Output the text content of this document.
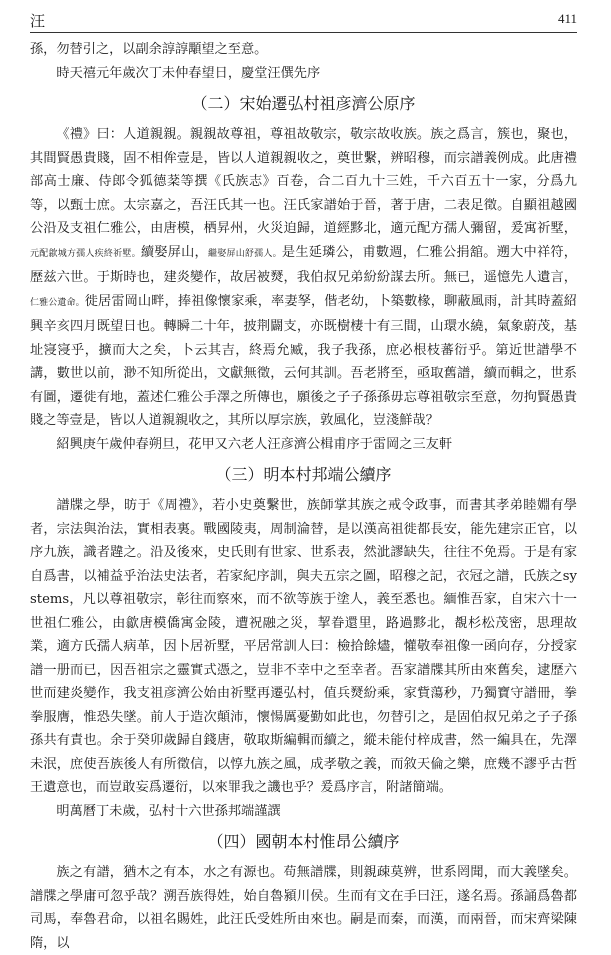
汪	411

孫，勿替引之，以副余諄諄顒望之至意。

時天禧元年歲次丁未仲春望日，慶堂汪僎先序

（二）宋始遷弘村祖彦濟公原序

《禮》曰：人道親親。親親故尊祖，尊祖故敬宗，敬宗故收族。族之爲言，簇也，聚也，其間賢愚貴賤，固不相侔壹是，皆以人道親親收之，奠世繫，辨昭穆，而宗譜義例成。此唐禮部高士廉、侍郎令狐德棻等撰《氏族志》百卷，合二百九十三姓，千六百五十一家，分爲九等，以甄士庶。太宗嘉之，吾汪氏其一也。汪氏家譜始于晉，著于唐，二表足徵。自顯祖越國公沿及支祖仁雅公，由唐模，栖昇州，火災迫歸，道經黟北，適元配方孺人彌留，爰寓祈墅，元配歙城方孺人疾終祈墅。續娶屏山，繼娶屏山舒孺人。是生延璘公，甫數週，仁雅公捐舘。遡大中祥符，歷兹六世。于斯時也，建炎變作，故居被燹，我伯叔兄弟紛紛謀去所。無已，遥憶先人遺言，仁雅公遺命。徙居雷岡山畔，捧祖像懷家乘，率妻孥，偕老幼，卜築數椽，聊蔽風雨，計其時蓋紹興辛亥四月既望日也。轉瞬二十年，披荆闢支，亦既樹棲十有三間，山環水繞，氣象蔚茂，基址寖寖乎，擴而大之矣，卜云其吉，終焉允臧，我子我孫，庶必根枝蕃衍乎。第近世譜學不講，數世以前，渺不知所從出，文獻無徵，云何其訓。吾老將至，亟取舊譜，續而輯之，世系有圖，遷徙有地，蓋述仁雅公手澤之所傳也，願後之子子孫孫毋忘尊祖敬宗至意，勿拘賢愚貴賤之等壹是，皆以人道親親收之，其所以厚宗族，敦風化，豈淺鮮哉？

紹興庚午歲仲春朔旦，花甲又六老人汪彦濟公楫甫序于雷岡之三友軒

（三）明本村邦端公續序

譜牒之學，昉于《周禮》，若小史奠繫世，族師掌其族之戒令政事，而書其孝弟睦婣有學者，宗法與治法，實相表裏。戰國陵夷，周制淪替，是以漢高祖徙都長安，能先建宗正官，以序九族，識者韙之。沿及後來，史氏則有世家、世系表，然泚謬缺失，往往不免焉。于是有家自爲書，以補益乎治法史法者，若家紀序訓，與夫五宗之圖，昭穆之記，衣冠之譜，氏族之systems，凡以尊祖敬宗，彰往而察來，而不欲等族于塗人，義至悉也。緬惟吾家，自宋六十一世祖仁雅公，由歙唐模僑寓金陵，遭祝融之災，挈眷還里，路過黟北，覩杉松茂密，思理故業，適方氏孺人病革，因卜居祈墅，平居常訓人曰：檢拾餘燼，懽敬奉祖像一函向存，分授家譜一册而已，因吾祖宗之靈實式憑之，豈非不幸中之至幸者。吾家譜牒其所由來舊矣，逮歷六世而建炎變作，我支祖彦濟公始由祈墅再遷弘村，值兵燹紛乘，家貲蕩秒，乃獨寶守譜冊，拳拳服膺，惟恐失墜。前人于造次顛沛，懷愓厲憂勤如此也，勿替引之，是固伯叔兄弟之子子孫孫共有責也。余于癸卯歲歸自錢唐，敬取斯編輯而續之，縱未能付梓成書，然一編具在，先澤未泯，庶使吾族後人有所徵信，以惇九族之風，成孝敬之義，而敘天倫之樂，庶幾不謬乎古哲王遺意也，而豈敢妄爲遷衍，以來罪我之譏也乎？爰爲序言，附諸簡端。

明萬曆丁未歲，弘村十六世孫邦端謹譔

（四）國朝本村惟昂公續序

族之有譜，猶木之有本，水之有源也。苟無譜牒，則親疎莫辨，世系罔聞，而大義墜矣。譜牒之學庸可忽乎哉？溯吾族得姓，始自魯潁川侯。生而有文在手曰汪，遂名焉。孫誦爲魯都司馬，奉魯君命，以祖名賜姓，此汪氏受姓所由來也。嗣是而秦，而漢，而兩晉，而宋齊梁陳隋，以
